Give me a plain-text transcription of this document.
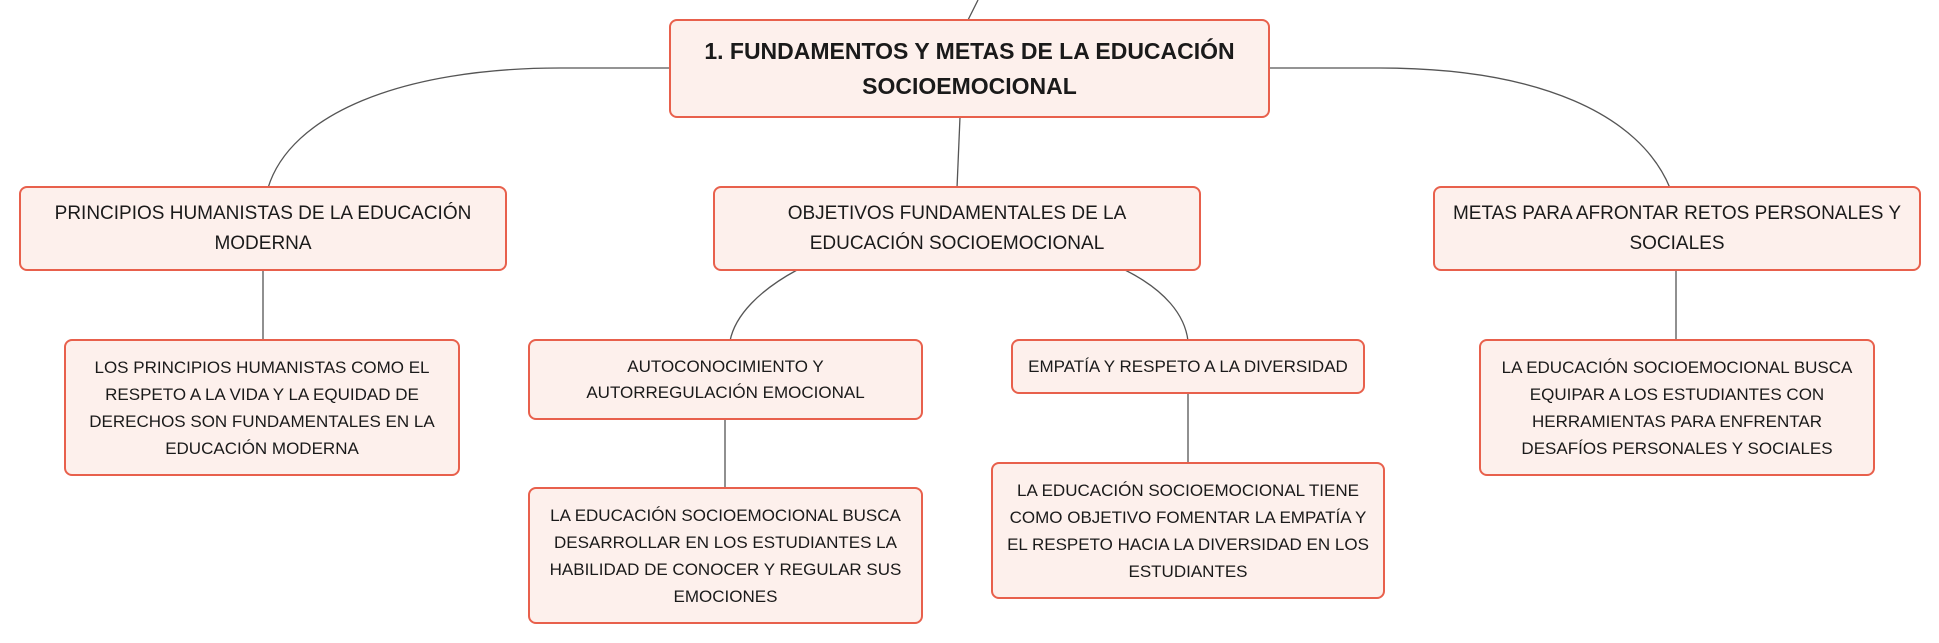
1. FUNDAMENTOS Y METAS DE LA EDUCACIÓN SOCIOEMOCIONAL
PRINCIPIOS HUMANISTAS DE LA EDUCACIÓN MODERNA
OBJETIVOS FUNDAMENTALES DE LA EDUCACIÓN SOCIOEMOCIONAL
METAS PARA AFRONTAR RETOS PERSONALES Y SOCIALES
LOS PRINCIPIOS HUMANISTAS COMO EL RESPETO A LA VIDA Y LA EQUIDAD DE DERECHOS SON FUNDAMENTALES EN LA EDUCACIÓN MODERNA
AUTOCONOCIMIENTO Y AUTORREGULACIÓN EMOCIONAL
EMPATÍA Y RESPETO A LA DIVERSIDAD	LA EDUCACIÓN SOCIOEMOCIONAL BUSCA EQUIPAR A LOS ESTUDIANTES CON HERRAMIENTAS PARA ENFRENTAR DESAFÍOS PERSONALES Y SOCIALES
LA EDUCACIÓN SOCIOEMOCIONAL TIENE COMO OBJETIVO FOMENTAR LA EMPATÍA Y EL RESPETO HACIA LA DIVERSIDAD EN LOS ESTUDIANTES
LA EDUCACIÓN SOCIOEMOCIONAL BUSCA DESARROLLAR EN LOS ESTUDIANTES LA HABILIDAD DE CONOCER Y REGULAR SUS EMOCIONES
